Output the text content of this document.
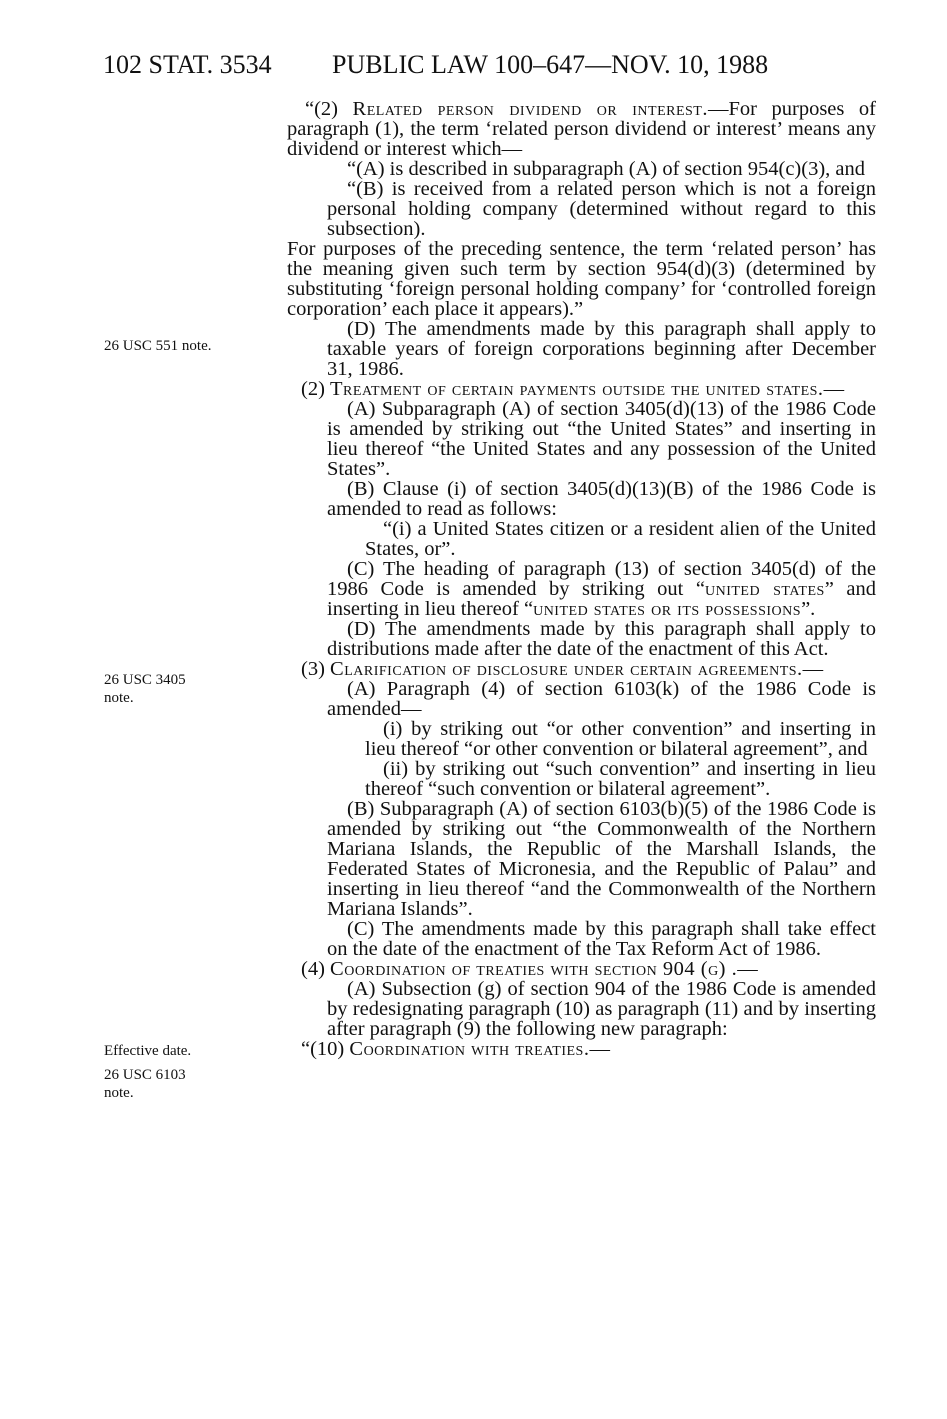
102 STAT. 3534 PUBLIC LAW 100–647—NOV. 10, 1988
26 USC 551 note.
26 USC 3405 note.
Effective date.
26 USC 6103 note.

“(2) Related person dividend or interest.—For purposes of paragraph (1), the term ‘related person dividend or interest’ means any dividend or interest which—

“(A) is described in subparagraph (A) of section 954(c)(3), and

“(B) is received from a related person which is not a foreign personal holding company (determined without regard to this subsection).

For purposes of the preceding sentence, the term ‘related person’ has the meaning given such term by section 954(d)(3) (determined by substituting ‘foreign personal holding company’ for ‘controlled foreign corporation’ each place it appears).”

(D) The amendments made by this paragraph shall apply to taxable years of foreign corporations beginning after December 31, 1986.

(2) Treatment of certain payments outside the united states.—

(A) Subparagraph (A) of section 3405(d)(13) of the 1986 Code is amended by striking out “the United States” and inserting in lieu thereof “the United States and any possession of the United States”.

(B) Clause (i) of section 3405(d)(13)(B) of the 1986 Code is amended to read as follows:

“(i) a United States citizen or a resident alien of the United States, or”.

(C) The heading of paragraph (13) of section 3405(d) of the 1986 Code is amended by striking out “united states” and inserting in lieu thereof “united states or its possessions”.

(D) The amendments made by this paragraph shall apply to distributions made after the date of the enactment of this Act.

(3) Clarification of disclosure under certain agreements.—

(A) Paragraph (4) of section 6103(k) of the 1986 Code is amended—

(i) by striking out “or other convention” and inserting in lieu thereof “or other convention or bilateral agreement”, and

(ii) by striking out “such convention” and inserting in lieu thereof “such convention or bilateral agreement”.

(B) Subparagraph (A) of section 6103(b)(5) of the 1986 Code is amended by striking out “the Commonwealth of the Northern Mariana Islands, the Republic of the Marshall Islands, the Federated States of Micronesia, and the Republic of Palau” and inserting in lieu thereof “and the Commonwealth of the Northern Mariana Islands”.

(C) The amendments made by this paragraph shall take effect on the date of the enactment of the Tax Reform Act of 1986.

(4) Coordination of treaties with section 904 (g) .—

(A) Subsection (g) of section 904 of the 1986 Code is amended by redesignating paragraph (10) as paragraph (11) and by inserting after paragraph (9) the following new paragraph:

“(10) Coordination with treaties.—
